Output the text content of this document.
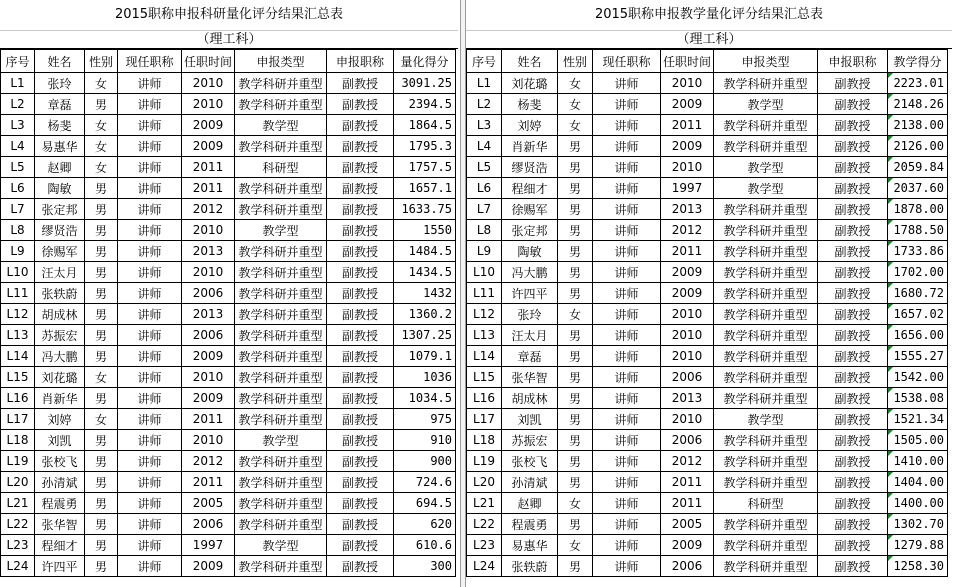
2015职称申报科研量化评分结果汇总表
（理工科）
序号	姓名	性别	现任职称	任职时间	申报类型	申报职称	量化得分
L1	张玲	女	讲师	2010	教学科研并重型	副教授	3091.25
L2	章磊	男	讲师	2010	教学科研并重型	副教授	2394.5
L3	杨斐	女	讲师	2009	教学型	副教授	1864.5
L4	易惠华	女	讲师	2009	教学科研并重型	副教授	1795.3
L5	赵卿	女	讲师	2011	科研型	副教授	1757.5
L6	陶敏	男	讲师	2011	教学科研并重型	副教授	1657.1
L7	张定邦	男	讲师	2012	教学科研并重型	副教授	1633.75
L8	缪贤浩	男	讲师	2010	教学型	副教授	1550
L9	徐赐军	男	讲师	2013	教学科研并重型	副教授	1484.5
L10	汪太月	男	讲师	2010	教学科研并重型	副教授	1434.5
L11	张轶蔚	男	讲师	2006	教学科研并重型	副教授	1432
L12	胡成林	男	讲师	2013	教学科研并重型	副教授	1360.2
L13	苏振宏	男	讲师	2006	教学科研并重型	副教授	1307.25
L14	冯大鹏	男	讲师	2009	教学科研并重型	副教授	1079.1
L15	刘花璐	女	讲师	2010	教学科研并重型	副教授	1036
L16	肖新华	男	讲师	2009	教学科研并重型	副教授	1034.5
L17	刘婷	女	讲师	2011	教学科研并重型	副教授	975
L18	刘凯	男	讲师	2010	教学型	副教授	910
L19	张校飞	男	讲师	2012	教学科研并重型	副教授	900
L20	孙清斌	男	讲师	2011	教学科研并重型	副教授	724.6
L21	程震勇	男	讲师	2005	教学科研并重型	副教授	694.5
L22	张华智	男	讲师	2006	教学科研并重型	副教授	620
L23	程细才	男	讲师	1997	教学型	副教授	610.6
L24	许四平	男	讲师	2009	教学科研并重型	副教授	300
2015职称申报教学量化评分结果汇总表
（理工科）
序号	姓名	性别	现任职称	任职时间	申报类型	申报职称	教学得分
L1	刘花璐	女	讲师	2010	教学科研并重型	副教授	2223.01
L2	杨斐	女	讲师	2009	教学型	副教授	2148.26
L3	刘婷	女	讲师	2011	教学科研并重型	副教授	2138.00
L4	肖新华	男	讲师	2009	教学科研并重型	副教授	2126.00
L5	缪贤浩	男	讲师	2010	教学型	副教授	2059.84
L6	程细才	男	讲师	1997	教学型	副教授	2037.60
L7	徐赐军	男	讲师	2013	教学科研并重型	副教授	1878.00
L8	张定邦	男	讲师	2012	教学科研并重型	副教授	1788.50
L9	陶敏	男	讲师	2011	教学科研并重型	副教授	1733.86
L10	冯大鹏	男	讲师	2009	教学科研并重型	副教授	1702.00
L11	许四平	男	讲师	2009	教学科研并重型	副教授	1680.72
L12	张玲	女	讲师	2010	教学科研并重型	副教授	1657.02
L13	汪太月	男	讲师	2010	教学科研并重型	副教授	1656.00
L14	章磊	男	讲师	2010	教学科研并重型	副教授	1555.27
L15	张华智	男	讲师	2006	教学科研并重型	副教授	1542.00
L16	胡成林	男	讲师	2013	教学科研并重型	副教授	1538.08
L17	刘凯	男	讲师	2010	教学型	副教授	1521.34
L18	苏振宏	男	讲师	2006	教学科研并重型	副教授	1505.00
L19	张校飞	男	讲师	2012	教学科研并重型	副教授	1410.00
L20	孙清斌	男	讲师	2011	教学科研并重型	副教授	1404.00
L21	赵卿	女	讲师	2011	科研型	副教授	1400.00
L22	程震勇	男	讲师	2005	教学科研并重型	副教授	1302.70
L23	易惠华	女	讲师	2009	教学科研并重型	副教授	1279.88
L24	张轶蔚	男	讲师	2006	教学科研并重型	副教授	1258.30
